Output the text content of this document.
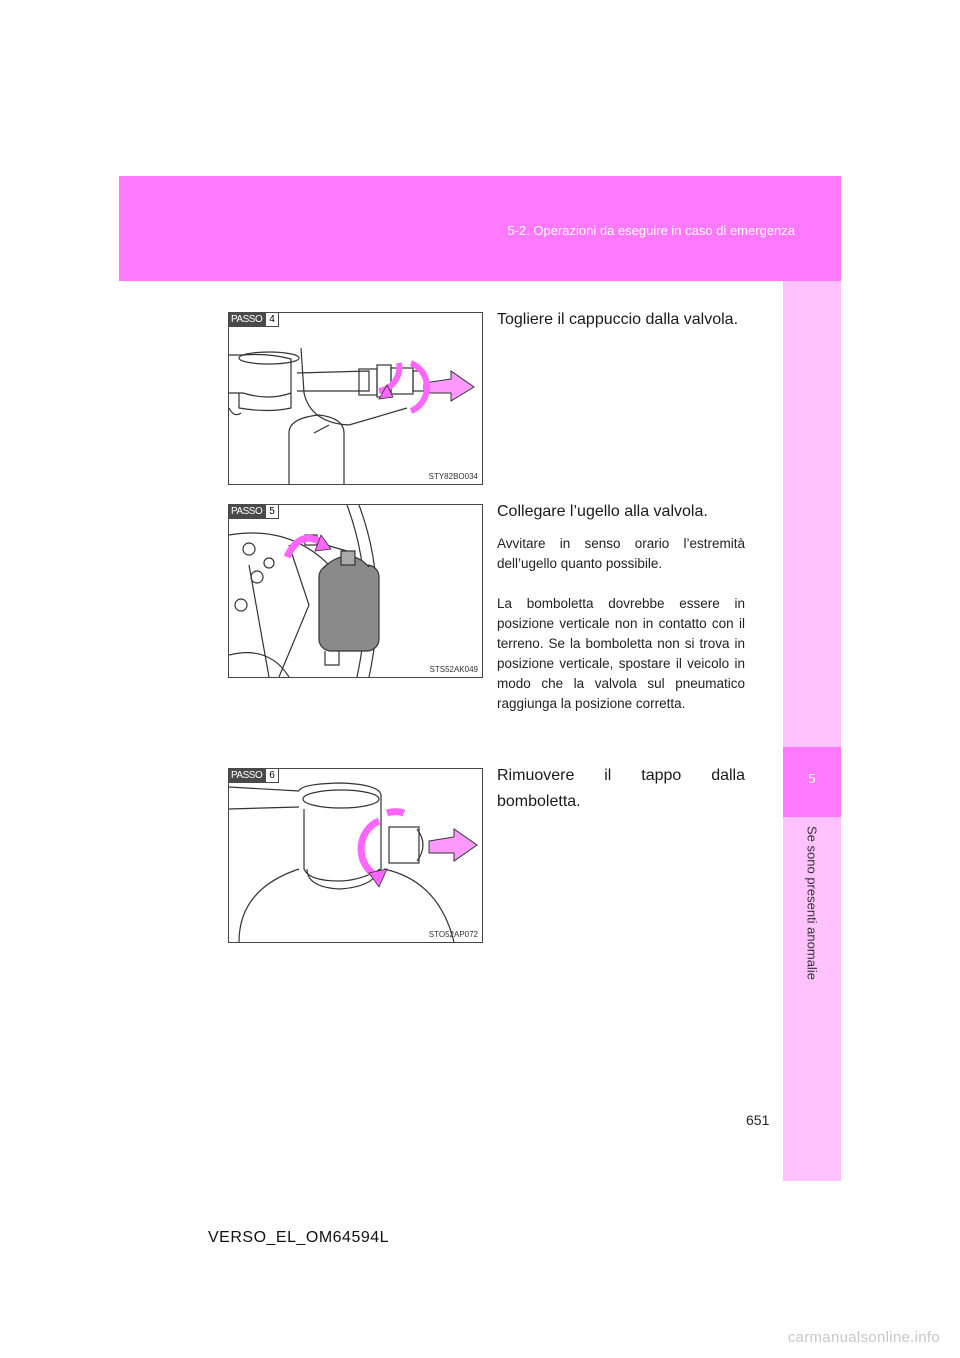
5-2. Operazioni da eseguire in caso di emergenza
5
Se sono presenti anomalie
PASSO 4
STY82BO034
Togliere il cappuccio dalla valvola.
PASSO 5
STS52AK049
Collegare l’ugello alla valvola.
Avvitare in senso orario l’estremità dell’ugello quanto possibile.
La bomboletta dovrebbe essere in posizione verticale non in contatto con il terreno. Se la bomboletta non si trova in posizione verticale, spostare il veicolo in modo che la valvola sul pneumatico raggiunga la posizione corretta.
PASSO 6
STO52AP072
Rimuovere il tappo dalla bomboletta.
651
VERSO_EL_OM64594L
carmanualsonline.info
